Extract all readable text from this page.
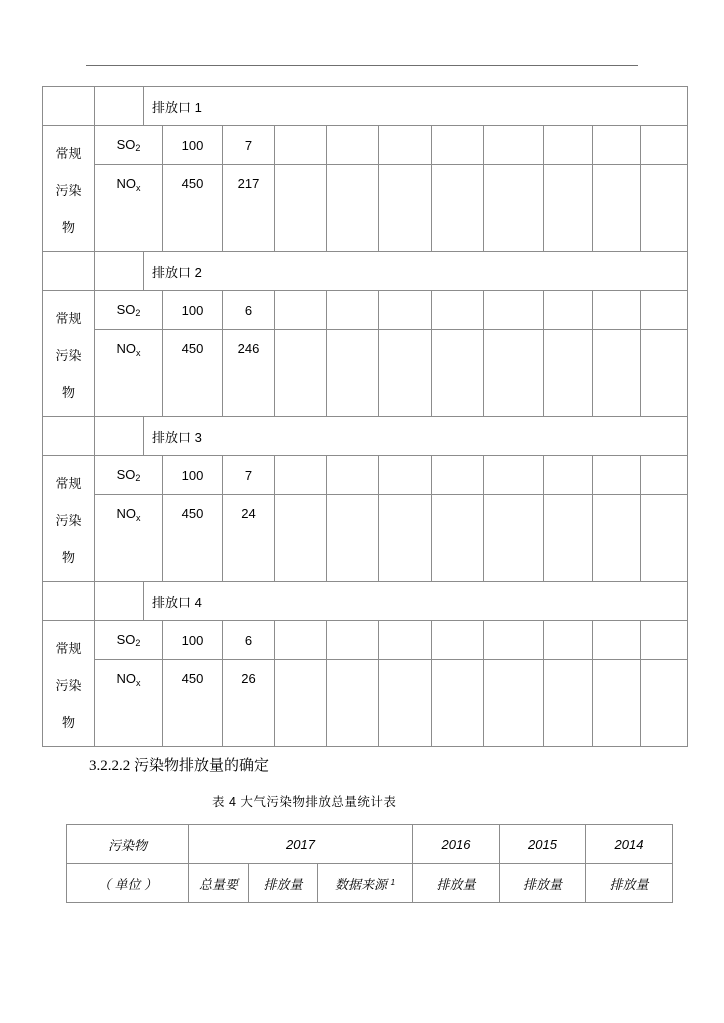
		排放口 1										

常规
污染
物	$SO_2$		100	7								
	$NO_x$		450	217								
		排放口 2										

常规
污染
物	$SO_2$		100	6								
	$NO_x$		450	246								
		排放口 3										

常规
污染
物	$SO_2$		100	7								
	$NO_x$		450	24								
		排放口 4										

常规
污染
物	$SO_2$		100	6								
	$NO_x$		450	26								
3.2.2.2 污染物排放量的确定
表 4 大气污染物排放总量统计表
污染物	2017			2016	2015	2014
（ 单位 ）	总量要	排放量	数据来源 $^1$	排放量	排放量	排放量
